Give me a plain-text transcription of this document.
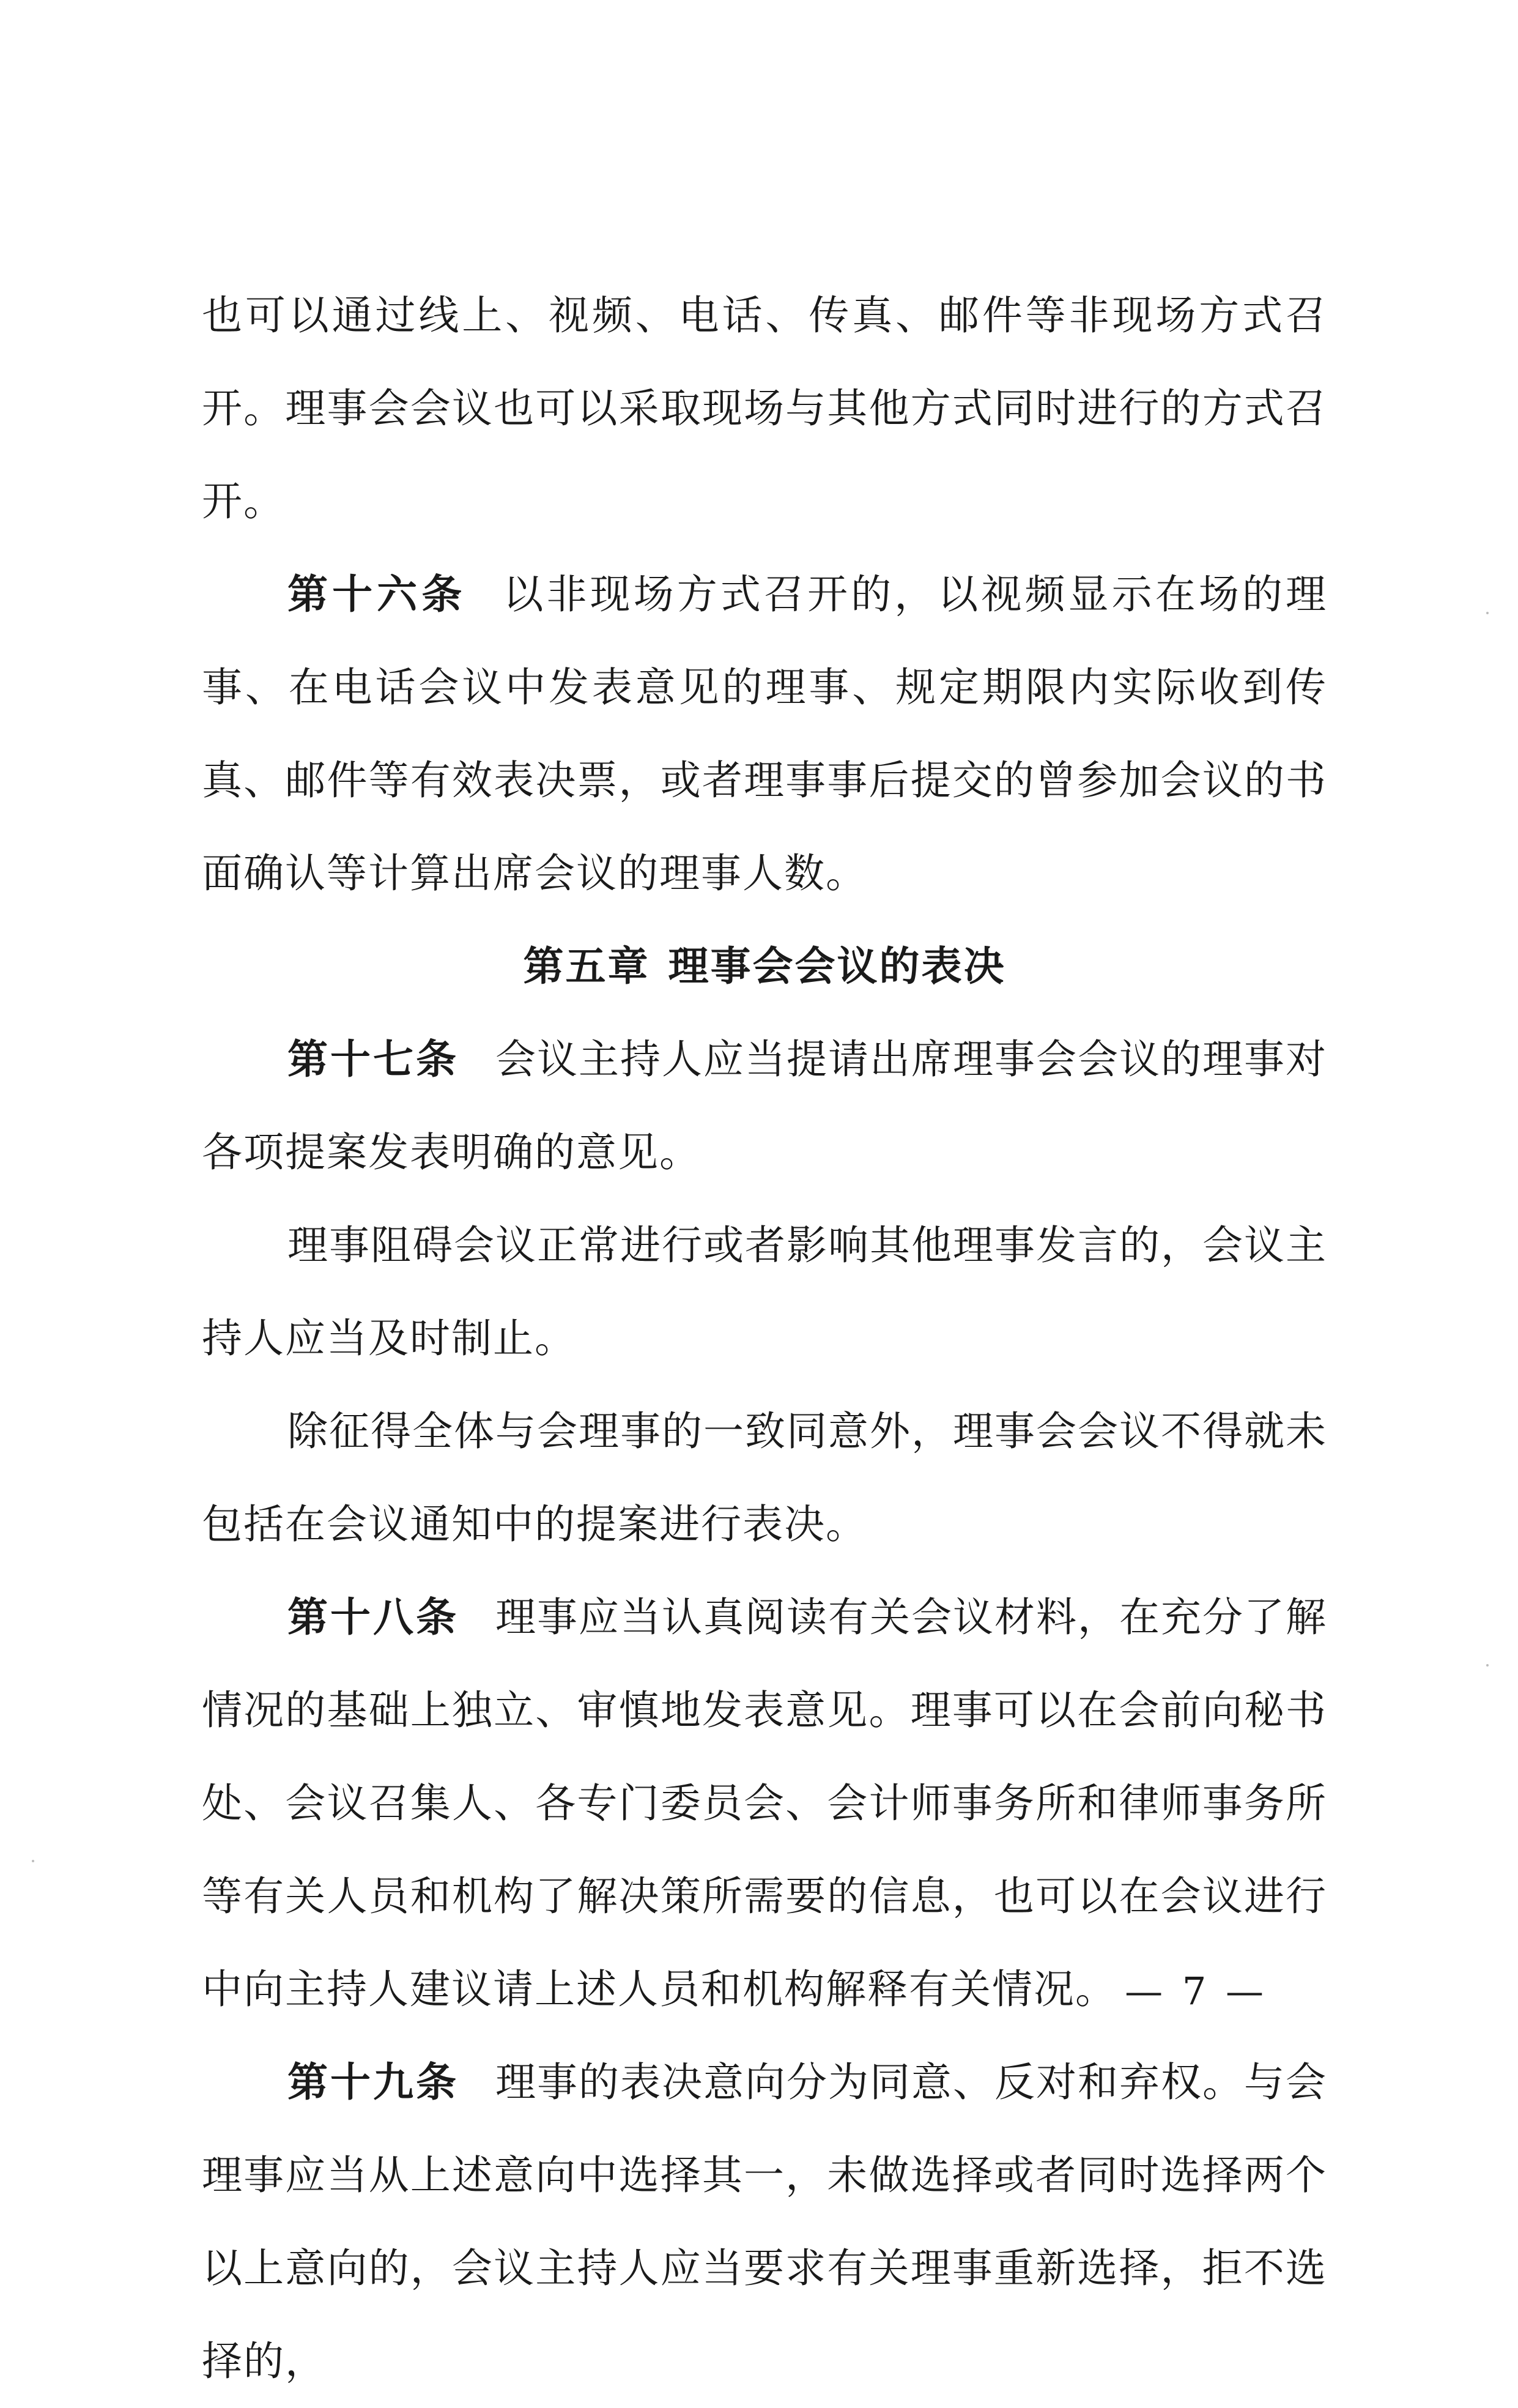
也可以通过线上、视频、电话、传真、邮件等非现场方式召开。理事会会议也可以采取现场与其他方式同时进行的方式召开。

第十六条 以非现场方式召开的，以视频显示在场的理事、在电话会议中发表意见的理事、规定期限内实际收到传真、邮件等有效表决票，或者理事事后提交的曾参加会议的书面确认等计算出席会议的理事人数。

第五章 理事会会议的表决

第十七条 会议主持人应当提请出席理事会会议的理事对各项提案发表明确的意见。

理事阻碍会议正常进行或者影响其他理事发言的，会议主持人应当及时制止。

除征得全体与会理事的一致同意外，理事会会议不得就未包括在会议通知中的提案进行表决。

第十八条 理事应当认真阅读有关会议材料，在充分了解情况的基础上独立、审慎地发表意见。理事可以在会前向秘书处、会议召集人、各专门委员会、会计师事务所和律师事务所等有关人员和机构了解决策所需要的信息，也可以在会议进行中向主持人建议请上述人员和机构解释有关情况。

第十九条 理事的表决意向分为同意、反对和弃权。与会理事应当从上述意向中选择其一，未做选择或者同时选择两个以上意向的，会议主持人应当要求有关理事重新选择，拒不选择的，

— 7 —
